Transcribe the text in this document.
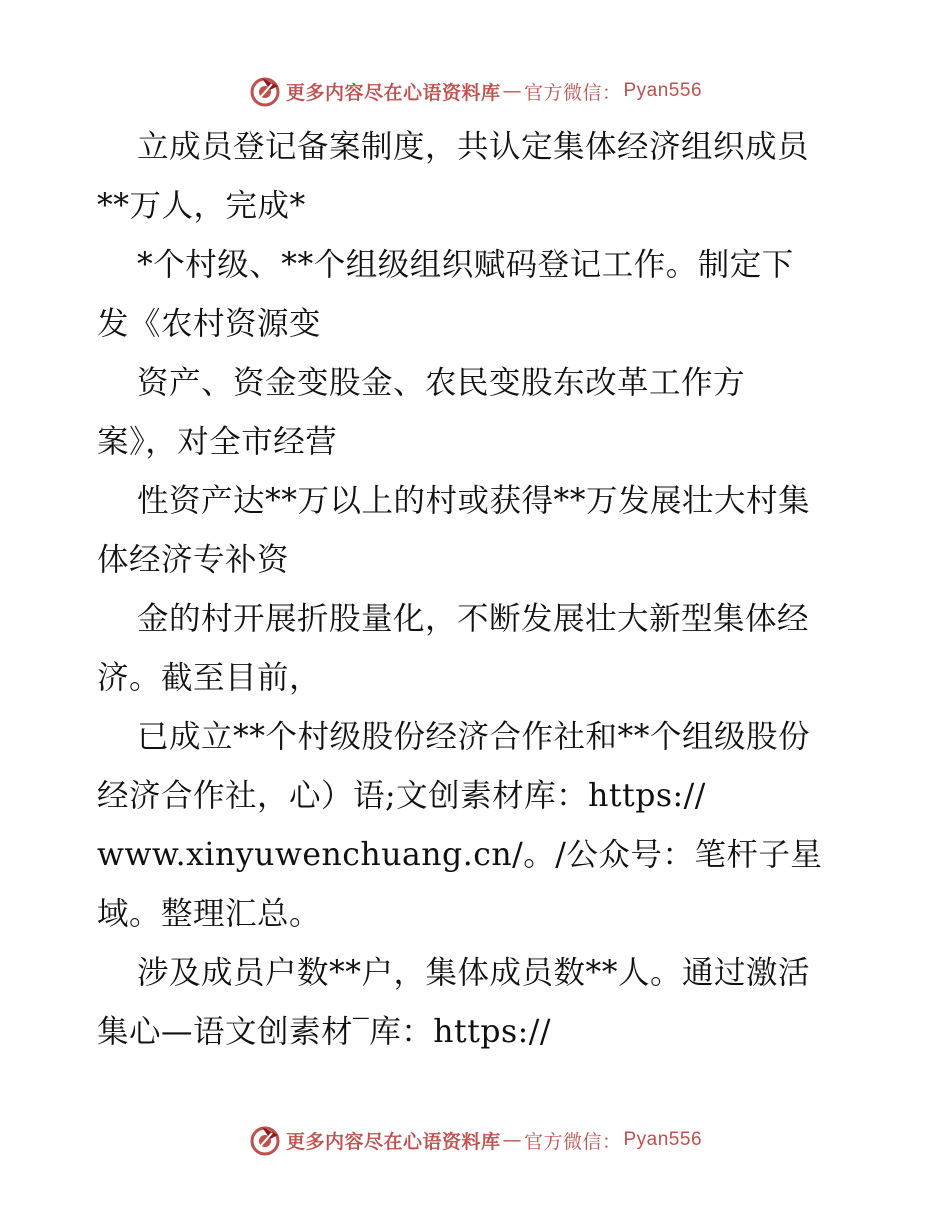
更多内容尽在心语资料库 — 官方微信： Pyan556
立成员登记备案制度，共认定集体经济组织成员
**万人，完成*
*个村级、**个组级组织赋码登记工作。制定下
发《农村资源变
资产、资金变股金、农民变股东改革工作方
案》，对全市经营
性资产达**万以上的村或获得**万发展壮大村集
体经济专补资
金的村开展折股量化，不断发展壮大新型集体经
济。截至目前，
已成立**个村级股份经济合作社和**个组级股份
经济合作社，心）语;文创素材库：https://
www.xinyuwenchuang.cn/。/公众号：笔杆子星
域。整理汇总。
涉及成员户数**户，集体成员数**人。通过激活
集心—语文创素材‾库：https://
更多内容尽在心语资料库 — 官方微信： Pyan556
